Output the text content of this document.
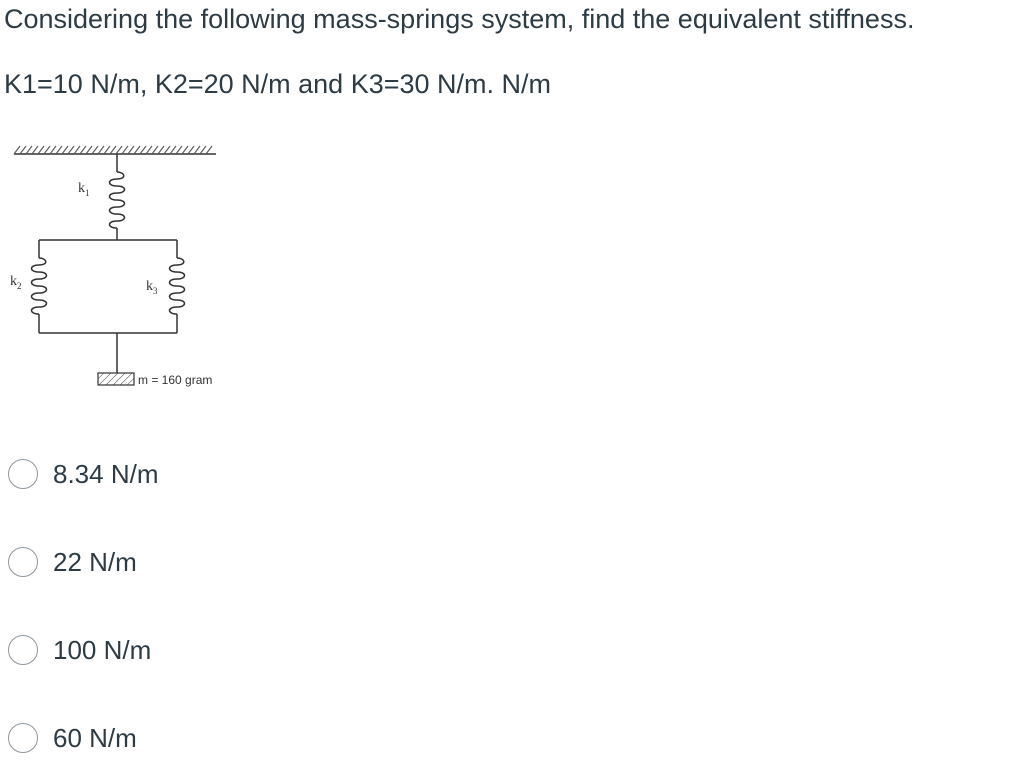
Considering the following mass-springs system, find the equivalent stiffness.

K1=10 N/m, K2=20 N/m and K3=30 N/m. N/m

$k_1$
$k_2$	$k_3$
m = 160 gram
8.34 N/m
22 N/m
100 N/m
60 N/m
